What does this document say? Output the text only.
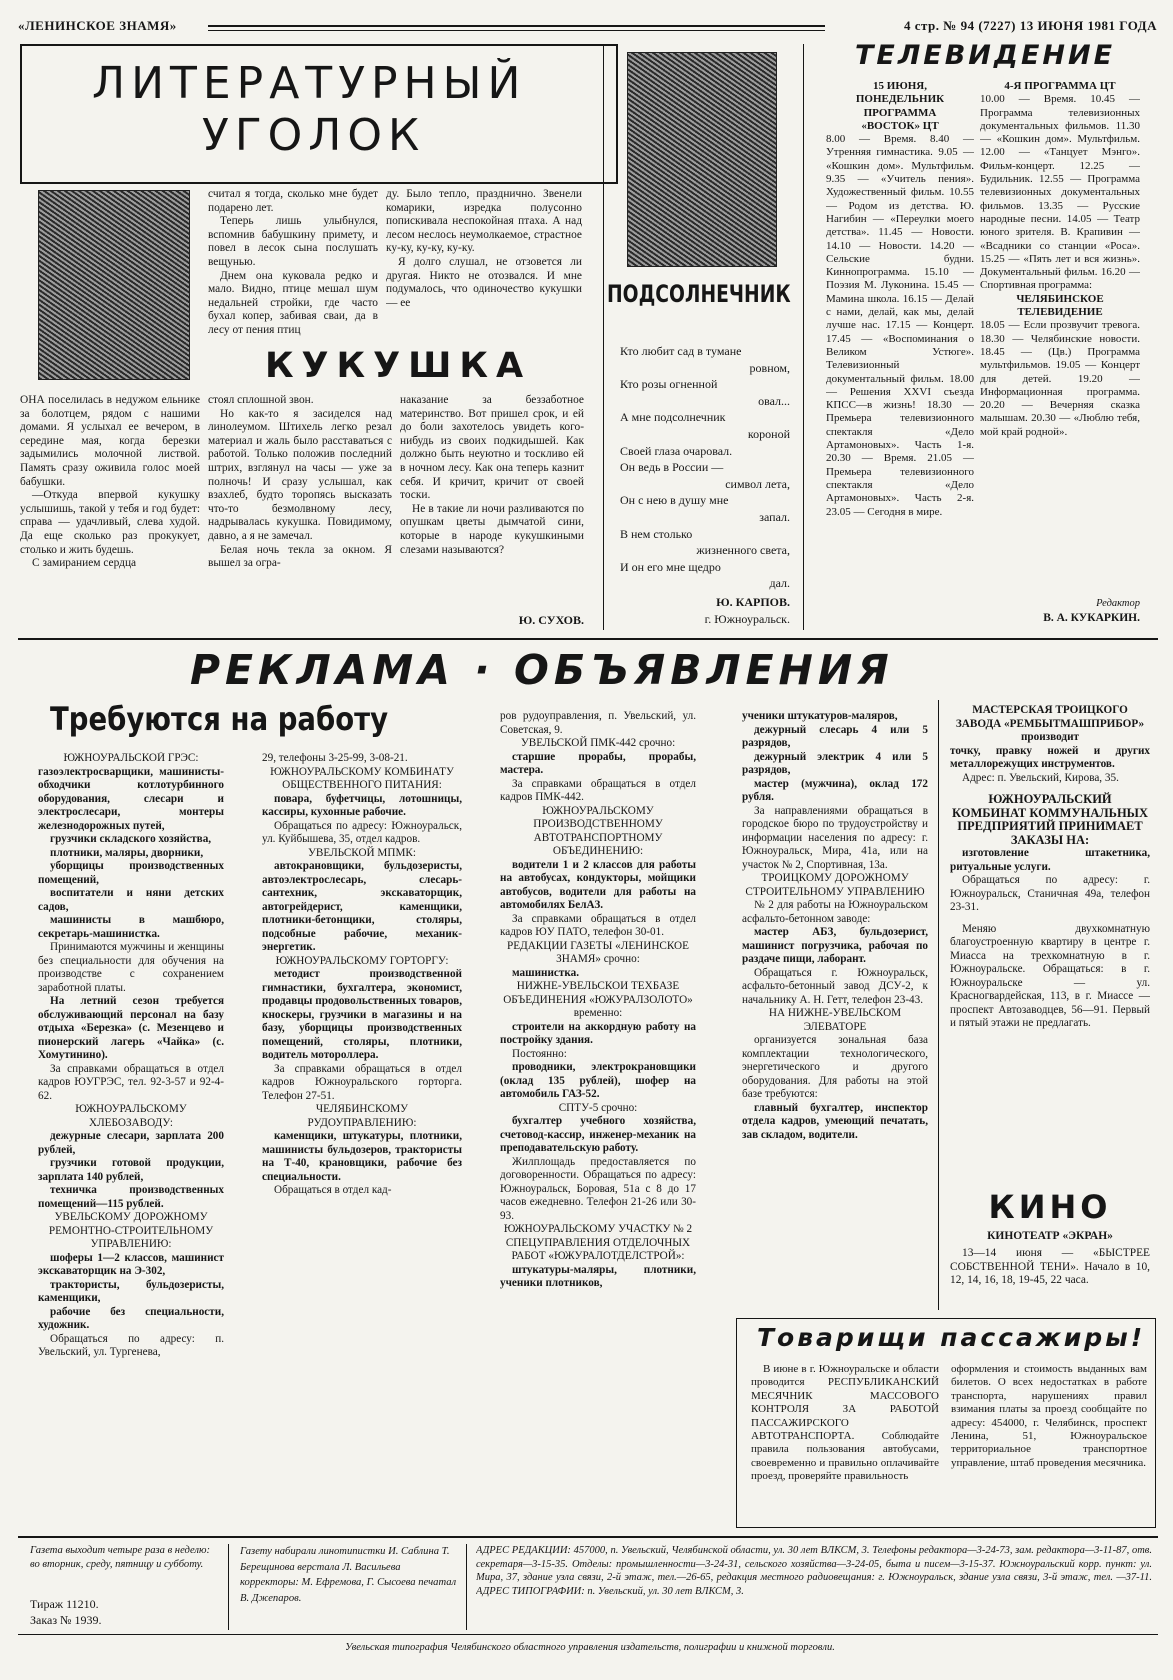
«ЛЕНИНСКОЕ ЗНАМЯ»	4 стр. № 94 (7227) 13 ИЮНЯ 1981 ГОДА
ЛИТЕРАТУРНЫЙ
УГОЛОК

считал я тогда, сколько мне будет подарено лет.

Теперь лишь улыбнулся, вспомнив бабушкину примету, и повел в лесок сына послушать вещунью.

Днем она куковала редко и мало. Видно, птице мешал шум недальней стройки, где часто бухал копер, забивая сваи, да в лесу от пения птиц

ду. Было тепло, празднично. Звенели комарики, изредка полусонно попискивала неспокойная птаха. А над лесом неслось неумолкаемое, страстное ку-ку, ку-ку, ку-ку.

Я долго слушал, не отзовется ли другая. Никто не отозвался. И мне подумалось, что одиночество кукушки — ее

КУКУШКА

ОНА поселилась в недужом ельнике за болотцем, рядом с нашими домами. Я услыхал ее вечером, в середине мая, когда березки задымились молочной листвой. Память сразу оживила голос моей бабушки.

—Откуда впервой кукушку услышишь, такой у тебя и год будет: справа — удачливый, слева худой. Да еще сколько раз прокукует, столько и жить будешь.

С замиранием сердца

стоял сплошной звон.

Но как-то я засиделся над линолеумом. Штихель легко резал материал и жаль было расставаться с работой. Только положив последний штрих, взглянул на часы — уже за полночь! И сразу услышал, как взахлеб, будто торопясь высказать что-то безмолвному лесу, надрывалась кукушка. Повидимому, давно, а я не замечал.

Белая ночь текла за окном. Я вышел за огра-

наказание за беззаботное материнство. Вот пришел срок, и ей до боли захотелось увидеть кого-нибудь из своих подкидышей. Как должно быть неуютно и тоскливо ей в ночном лесу. Как она теперь казнит себя. И кричит, кричит от своей тоски.

Не в такие ли ночи разливаются по опушкам цветы дымчатой сини, которые в народе кукушкиными слезами называются?

Ю. СУХОВ.
ПОДСОЛНЕЧНИК
Кто любит сад в тумане
ровном,
Кто розы огненной
овал...
А мне подсолнечник
короной
Своей глаза очаровал.
Он ведь в России —
символ лета,
Он с нею в душу мне
запал.
В нем столько
жизненного света,
И он его мне щедро
дал.
Ю. КАРПОВ.
г. Южноуральск.
ТЕЛЕВИДЕНИЕ

15 ИЮНЯ,

ПОНЕДЕЛЬНИК

ПРОГРАММА

«ВОСТОК» ЦТ

8.00 — Время. 8.40 — Утренняя гимнастика. 9.05 — «Кошкин дом». Мультфильм. 9.35 — «Учитель пения». Художественный фильм. 10.55 — Родом из детства. Ю. Нагибин — «Переулки моего детства». 11.45 — Новости. 14.10 — Новости. 14.20 — Сельские будни. Киннопрограмма. 15.10 — Поэзия М. Луконина. 15.45 — Мамина школа. 16.15 — Делай с нами, делай, как мы, делай лучше нас. 17.15 — Концерт. 17.45 — «Воспоминания о Великом Устюге». Телевизионный документальный фильм. 18.00 — Решения XXVI съезда КПСС—в жизнь! 18.30 — Премьера телевизионного спектакля «Дело Артамоновых». Часть 1-я. 20.30 — Время. 21.05 — Премьера телевизионного спектакля «Дело Артамоновых». Часть 2-я. 23.05 — Сегодня в мире.

4-Я ПРОГРАММА ЦТ

10.00 — Время. 10.45 — Программа телевизионных документальных фильмов. 11.30 — «Кошкин дом». Мультфильм. 12.00 — «Танцует Мэнго». Фильм-концерт. 12.25 — Будильник. 12.55 — Программа телевизионных документальных фильмов. 13.35 — Русские народные песни. 14.05 — Театр юного зрителя. В. Крапивин — «Всадники со станции «Роса». 15.25 — «Пять лет и вся жизнь». Документальный фильм. 16.20 — Спортивная программа:

ЧЕЛЯБИНСКОЕ

ТЕЛЕВИДЕНИЕ

18.05 — Если прозвучит тревога. 18.30 — Челябинские новости. 18.45 — (Цв.) Программа мультфильмов. 19.05 — Концерт для детей. 19.20 — Информационная программа. 20.20 — Вечерняя сказка малышам. 20.30 — «Люблю тебя, мой край родной».

Редактор
В. А. КУКАРКИН.
РЕКЛАМА · ОБЪЯВЛЕНИЯ
Требуются на работу

ЮЖНОУРАЛЬСКОЙ ГРЭС:

газоэлектросварщики, машинисты-обходчики котлотурбинного оборудования, слесари и электрослесари, монтеры железнодорожных путей,

грузчики складского хозяйства,

плотники, маляры, дворники,

уборщицы производственных помещений,

воспитатели и няни детских садов,

машинисты в машбюро, секретарь-машинистка.

Принимаются мужчины и женщины без специальности для обучения на производстве с сохранением заработной платы.

На летний сезон требуется обслуживающий персонал на базу отдыха «Березка» (с. Мезенцево и пионерский лагерь «Чайка» (с. Хомутинино).

За справками обращаться в отдел кадров ЮУГРЭС, тел. 92-3-57 и 92-4-62.

ЮЖНОУРАЛЬСКОМУ ХЛЕБОЗАВОДУ:

дежурные слесари, зарплата 200 рублей,

грузчики готовой продукции, зарплата 140 рублей,

техничка производственных помещений—115 рублей.

УВЕЛЬСКОМУ ДОРОЖНОМУ РЕМОНТНО-СТРОИТЕЛЬНОМУ УПРАВЛЕНИЮ:

шоферы 1—2 классов, машинист экскаваторщик на Э-302,

трактористы, бульдозеристы, каменщики,

рабочие без специальности, художник.

Обращаться по адресу: п. Увельский, ул. Тургенева,

29, телефоны 3-25-99, 3-08-21.

ЮЖНОУРАЛЬСКОМУ КОМБИНАТУ ОБЩЕСТВЕННОГО ПИТАНИЯ:

повара, буфетчицы, лотошницы, кассиры, кухонные рабочие.

Обращаться по адресу: Южноуральск, ул. Куйбышева, 35, отдел кадров.

УВЕЛЬСКОЙ МПМК:

автокрановщики, бульдозеристы, автоэлектрослесарь, слесарь-сантехник, экскаваторщик, автогрейдерист, каменщики, плотники-бетонщики, столяры, подсобные рабочие, механик-энергетик.

ЮЖНОУРАЛЬСКОМУ ГОРТОРГУ:

методист производственной гимнастики, бухгалтера, экономист, продавцы продовольственных товаров, кноскеры, грузчики в магазины и на базу, уборщицы производственных помещений, столяры, плотники, водитель мотороллера.

За справками обращаться в отдел кадров Южноуральского горторга. Телефон 27-51.

ЧЕЛЯБИНСКОМУ РУДОУПРАВЛЕНИЮ:

каменщики, штукатуры, плотники, машинисты бульдозеров, трактористы на Т-40, крановщики, рабочие без специальности.

Обращаться в отдел кад-

ров рудоуправления, п. Увельский, ул. Советская, 9.

УВЕЛЬСКОЙ ПМК-442 срочно:

старшие прорабы, прорабы, мастера.

За справками обращаться в отдел кадров ПМК-442.

ЮЖНОУРАЛЬСКОМУ ПРОИЗВОДСТВЕННОМУ АВТОТРАНСПОРТНОМУ ОБЪЕДИНЕНИЮ:

водители 1 и 2 классов для работы на автобусах, кондукторы, мойщики автобусов, водители для работы на автомобилях БелАЗ.

За справками обращаться в отдел кадров ЮУ ПАТО, телефон 30-01.

РЕДАКЦИИ ГАЗЕТЫ «ЛЕНИНСКОЕ ЗНАМЯ» срочно:

машинистка.

НИЖНЕ-УВЕЛЬСКОИ ТЕХБАЗЕ ОБЪЕДИНЕНИЯ «ЮЖУРАЛЗОЛОТО» временно:

строители на аккордную работу на постройку здания.

Постоянно:

проводники, электрокрановщики (оклад 135 рублей), шофер на автомобиль ГАЗ-52.

СПТУ-5 срочно:

бухгалтер учебного хозяйства, счетовод-кассир, инженер-механик на преподавательскую работу.

Жилплощадь предоставляется по договоренности. Обращаться по адресу: Южноуральск, Боровая, 51а с 8 до 17 часов ежедневно. Телефон 21-26 или 30-93.

ЮЖНОУРАЛЬСКОМУ УЧАСТКУ № 2 СПЕЦУПРАВЛЕНИЯ ОТДЕЛОЧНЫХ РАБОТ «ЮЖУРАЛОТДЕЛСТРОЙ»:

штукатуры-маляры, плотники, ученики плотников,

ученики штукатуров-маляров,

дежурный слесарь 4 или 5 разрядов,

дежурный электрик 4 или 5 разрядов,

мастер (мужчина), оклад 172 рубля.

За направлениями обращаться в городское бюро по трудоустройству и информации населения по адресу: г. Южноуральск, Мира, 41а, или на участок № 2, Спортивная, 13а.

ТРОИЦКОМУ ДОРОЖНОМУ СТРОИТЕЛЬНОМУ УПРАВЛЕНИЮ

№ 2 для работы на Южноуральском асфальто-бетонном заводе:

мастер АБЗ, бульдозерист, машинист погрузчика, рабочая по раздаче пищи, лаборант.

Обращаться г. Южноуральск, асфальто-бетонный завод ДСУ-2, к начальнику А. Н. Гетт, телефон 23-43.

НА НИЖНЕ-УВЕЛЬСКОМ ЭЛЕВАТОРЕ

организуется зональная база комплектации технологического, энергетического и другого оборудования. Для работы на этой базе требуются:

главный бухгалтер, инспектор отдела кадров, умеющий печатать, зав складом, водители.

МАСТЕРСКАЯ ТРОИЦКОГО ЗАВОДА «РЕМБЫТМАШПРИБОР» производит

точку, правку ножей и других металлорежущих инструментов.

Адрес: п. Увельский, Кирова, 35.

ЮЖНОУРАЛЬСКИЙ КОМБИНАТ КОММУНАЛЬНЫХ ПРЕДПРИЯТИЙ ПРИНИМАЕТ ЗАКАЗЫ НА:

изготовление штакетника, ритуальные услуги.

Обращаться по адресу: г. Южноуральск, Станичная 49а, телефон 23-31.

Меняю двухкомнатную благоустроенную квартиру в центре г. Миасса на трехкомнатную в г. Южноуральске. Обращаться: в г. Южноуральске — ул. Красногвардейская, 113, в г. Миассе — проспект Автозаводцев, 56—91. Первый и пятый этажи не предлагать.

КИНО
КИНОТЕАТР «ЭКРАН»

13—14 июня — «БЫСТРЕЕ СОБСТВЕННОЙ ТЕНИ». Начало в 10, 12, 14, 16, 18, 19-45, 22 часа.

Товарищи пассажиры!

В июне в г. Южноуральске и области проводится РЕСПУБЛИКАНСКИЙ МЕСЯЧНИК МАССОВОГО КОНТРОЛЯ ЗА РАБОТОЙ ПАССАЖИРСКОГО АВТОТРАНСПОРТА. Соблюдайте правила пользования автобусами, своевременно и правильно оплачивайте проезд, проверяйте правильность

оформления и стоимость выданных вам билетов. О всех недостатках в работе транспорта, нарушениях правил взимания платы за проезд сообщайте по адресу: 454000, г. Челябинск, проспект Ленина, 51, Южноуральское территориальное транспортное управление, штаб проведения месячника.

Газета выходит четыре раза в неделю: во вторник, среду, пятницу и субботу.
Тираж 11210.
Заказ № 1939.
Газету набирали линотипистки И. Саблина Т. Берещинова верстала Л. Васильева корректоры: М. Ефремова, Г. Сысоева печатал В. Джепаров.
АДРЕС РЕДАКЦИИ: 457000, п. Увельский, Челябинской области, ул. 30 лет ВЛКСМ, 3. Телефоны редактора—3-24-73, зам. редактора—3-11-87, отв. секретаря—3-15-35. Отделы: промышленности—3-24-31, сельского хозяйства—3-24-05, быта и писем—3-15-37. Южноуральский корр. пункт: ул. Мира, 37, здание узла связи, 2-й этаж, тел.—26-65, редакция местного радиовещания: г. Южноуральск, здание узла связи, 3-й этаж, тел. —37-11. АДРЕС ТИПОГРАФИИ: п. Увельский, ул. 30 лет ВЛКСМ, 3.
Увельская типография Челябинского областного управления издательств, полиграфии и книжной торговли.
